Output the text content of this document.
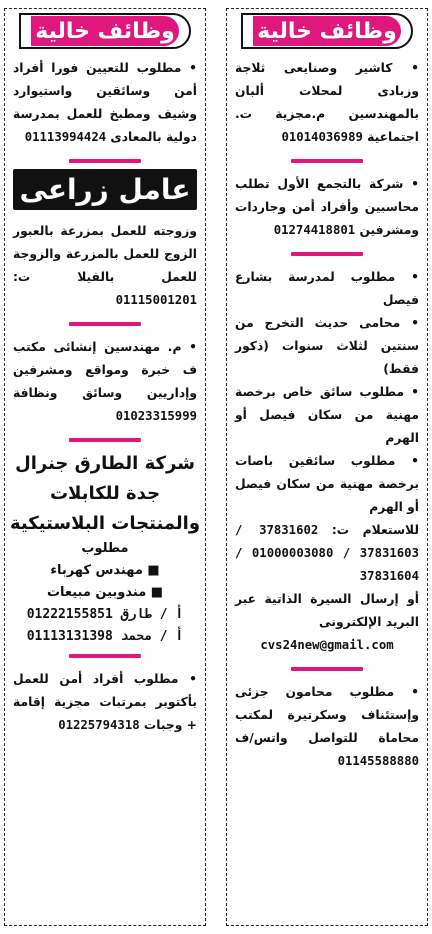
وظائف خالية
• كاشير وصنايعى ثلاجة وزبادى لمحلات ألبان بالمهندسين م.مجزية ت. اجتماعية 01014036989
• شركة بالتجمع الأول تطلب محاسبين وأفراد أمن وجاردات ومشرفين 01274418801
• مطلوب لمدرسة بشارع فيصل
• محامى حديث التخرج من سنتين لثلاث سنوات (ذكور فقط)
• مطلوب سائق خاص برخصة مهنية من سكان فيصل أو الهرم
• مطلوب سائقين باصات برخصة مهنية من سكان فيصل أو الهرم
للاستعلام ت: 37831602 / 37831603 / 01000003080 / 37831604
أو إرسال السيرة الذاتية عبر البريد الإلكترونى
cvs24new@gmail.com
• مطلوب محامون جزئى وإستئناف وسكرتيرة لمكتب محاماة للتواصل واتس/ف 01145588880
وظائف خالية
• مطلوب للتعيين فورا أفراد أمن وسائقين واستيوارد وشيف ومطبخ للعمل بمدرسة دولية بالمعادى 01113994424
عامل زراعى
وزوجته للعمل بمزرعة بالعبور الزوج للعمل بالمزرعة والزوجة للعمل بالفيلا ت: 01115001201
• م. مهندسين إنشائى مكتب ف خبرة ومواقع ومشرفين وإداريين وسائق ونظافة 01023315999
شركة الطارق جنرال
جدة للكابلات
والمنتجات البلاستيكية
مطلوب
■ مهندس كهرباء
■ مندوبين مبيعات
أ / طارق 01222155851
أ / محمد 01113131398
• مطلوب أفراد أمن للعمل بأكتوبر بمرتبات مجزية إقامة + وجبات 01225794318
